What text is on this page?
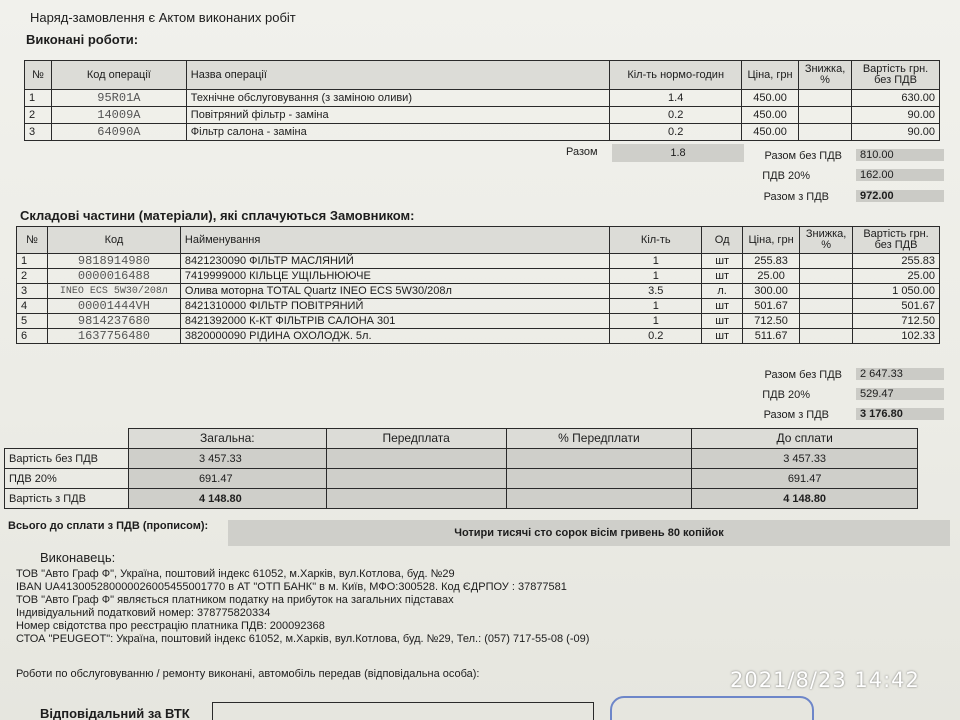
Наряд-замовлення є Актом виконаних робіт
Виконані роботи:
№	Код операції	Назва операції	Кіл-ть нормо-годин	Ціна, грн	Знижка, %	Вартість грн. без ПДВ
1	95R01A	Технічне обслуговування (з заміною оливи)	1.4	450.00		630.00
2	14009A	Повітряний фільтр - заміна	0.2	450.00		90.00
3	64090A	Фільтр салона - заміна	0.2	450.00		90.00
Разом	1.8	Разом без ПДВ	810.00
ПДВ 20%	162.00
Разом з ПДВ	972.00
Складові частини (матеріали), які сплачуються Замовником:
№	Код	Найменування	Кіл-ть	Од	Ціна, грн	Знижка, %	Вартість грн. без ПДВ
1	9818914980	8421230090 ФІЛЬТР МАСЛЯНИЙ	1	шт	255.83		255.83
2	0000016488	7419999000 КІЛЬЦЕ УЩІЛЬНЮЮЧЕ	1	шт	25.00		25.00
3	INEO ECS 5W30/208л	Олива моторна TOTAL Quartz INEO ECS 5W30/208л	3.5	л.	300.00		1 050.00
4	00001444VH	8421310000 ФІЛЬТР ПОВІТРЯНИЙ	1	шт	501.67		501.67
5	9814237680	8421392000 К-КТ ФІЛЬТРІВ САЛОНА 301	1	шт	712.50		712.50
6	1637756480	3820000090 РІДИНА ОХОЛОДЖ. 5л.	0.2	шт	511.67		102.33
Разом без ПДВ	2 647.33
ПДВ 20%	529.47
Разом з ПДВ	3 176.80
	Загальна:	Передплата	% Передплати	До сплати
Вартість без ПДВ	3 457.33			3 457.33
ПДВ 20%	691.47			691.47
Вартість з ПДВ	4 148.80			4 148.80
Всього до сплати з ПДВ (прописом):
Чотири тисячі сто сорок вісім гривень 80 копійок
Виконавець:
ТОВ "Авто Граф Ф", Україна, поштовий індекс 61052, м.Харків, вул.Котлова, буд. №29
IBAN UA413005280000026005455001770 в АТ "ОТП БАНК" в м. Київ, МФО:300528. Код ЄДРПОУ : 37877581
ТОВ "Авто Граф Ф" являється платником податку на прибуток на загальних підставах
Індивідуальний податковий номер: 378775820334
Номер свідотства про реєстрацію платника ПДВ: 200092368
СТОА "PEUGEOT": Україна, поштовий індекс 61052, м.Харків, вул.Котлова, буд. №29, Тел.: (057) 717-55-08 (-09)
Роботи по обслуговуванню / ремонту виконані, автомобіль передав (відповідальна особа):
Відповідальний за ВТК
2021/8/23 14:42
